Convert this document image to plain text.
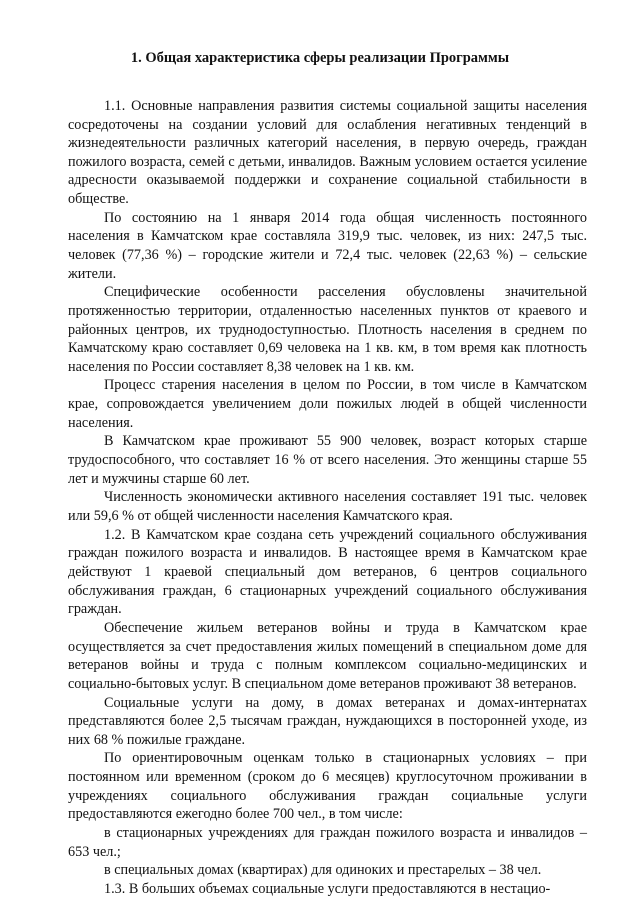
1. Общая характеристика сферы реализации Программы

1.1. Основные направления развития системы социальной защиты населения сосредоточены на создании условий для ослабления негативных тенденций в жизнедеятельности различных категорий населения, в первую очередь, граждан пожилого возраста, семей с детьми, инвалидов. Важным условием остается усиление адресности оказываемой поддержки и сохранение социальной стабильности в обществе.

По состоянию на 1 января 2014 года общая численность постоянного населения в Камчатском крае составляла 319,9 тыс. человек, из них: 247,5 тыс. человек (77,36 %) – городские жители и 72,4 тыс. человек (22,63 %) – сельские жители.

Специфические особенности расселения обусловлены значительной протяженностью территории, отдаленностью населенных пунктов от краевого и районных центров, их труднодоступностью. Плотность населения в среднем по Камчатскому краю составляет 0,69 человека на 1 кв. км, в том время как плотность населения по России составляет 8,38 человек на 1 кв. км.

Процесс старения населения в целом по России, в том числе в Камчатском крае, сопровождается увеличением доли пожилых людей в общей численности населения.

В Камчатском крае проживают 55 900 человек, возраст которых старше трудоспособного, что составляет 16 % от всего населения. Это женщины старше 55 лет и мужчины старше 60 лет.

Численность экономически активного населения составляет 191 тыс. человек или 59,6 % от общей численности населения Камчатского края.

1.2. В Камчатском крае создана сеть учреждений социального обслуживания граждан пожилого возраста и инвалидов. В настоящее время в Камчатском крае действуют 1 краевой специальный дом ветеранов, 6 центров социального обслуживания граждан, 6 стационарных учреждений социального обслуживания граждан.

Обеспечение жильем ветеранов войны и труда в Камчатском крае осуществляется за счет предоставления жилых помещений в специальном доме для ветеранов войны и труда с полным комплексом социально-медицинских и социально-бытовых услуг. В специальном доме ветеранов проживают 38 ветеранов.

Социальные услуги на дому, в домах ветеранах и домах-интернатах представляются более 2,5 тысячам граждан, нуждающихся в посторонней уходе, из них 68 % пожилые граждане.

По ориентировочным оценкам только в стационарных условиях – при постоянном или временном (сроком до 6 месяцев) круглосуточном проживании в учреждениях социального обслуживания граждан социальные услуги предоставляются ежегодно более 700 чел., в том числе:

в стационарных учреждениях для граждан пожилого возраста и инвалидов – 653 чел.;

в специальных домах (квартирах) для одиноких и престарелых – 38 чел.

1.3. В больших объемах социальные услуги предоставляются в нестацио-
